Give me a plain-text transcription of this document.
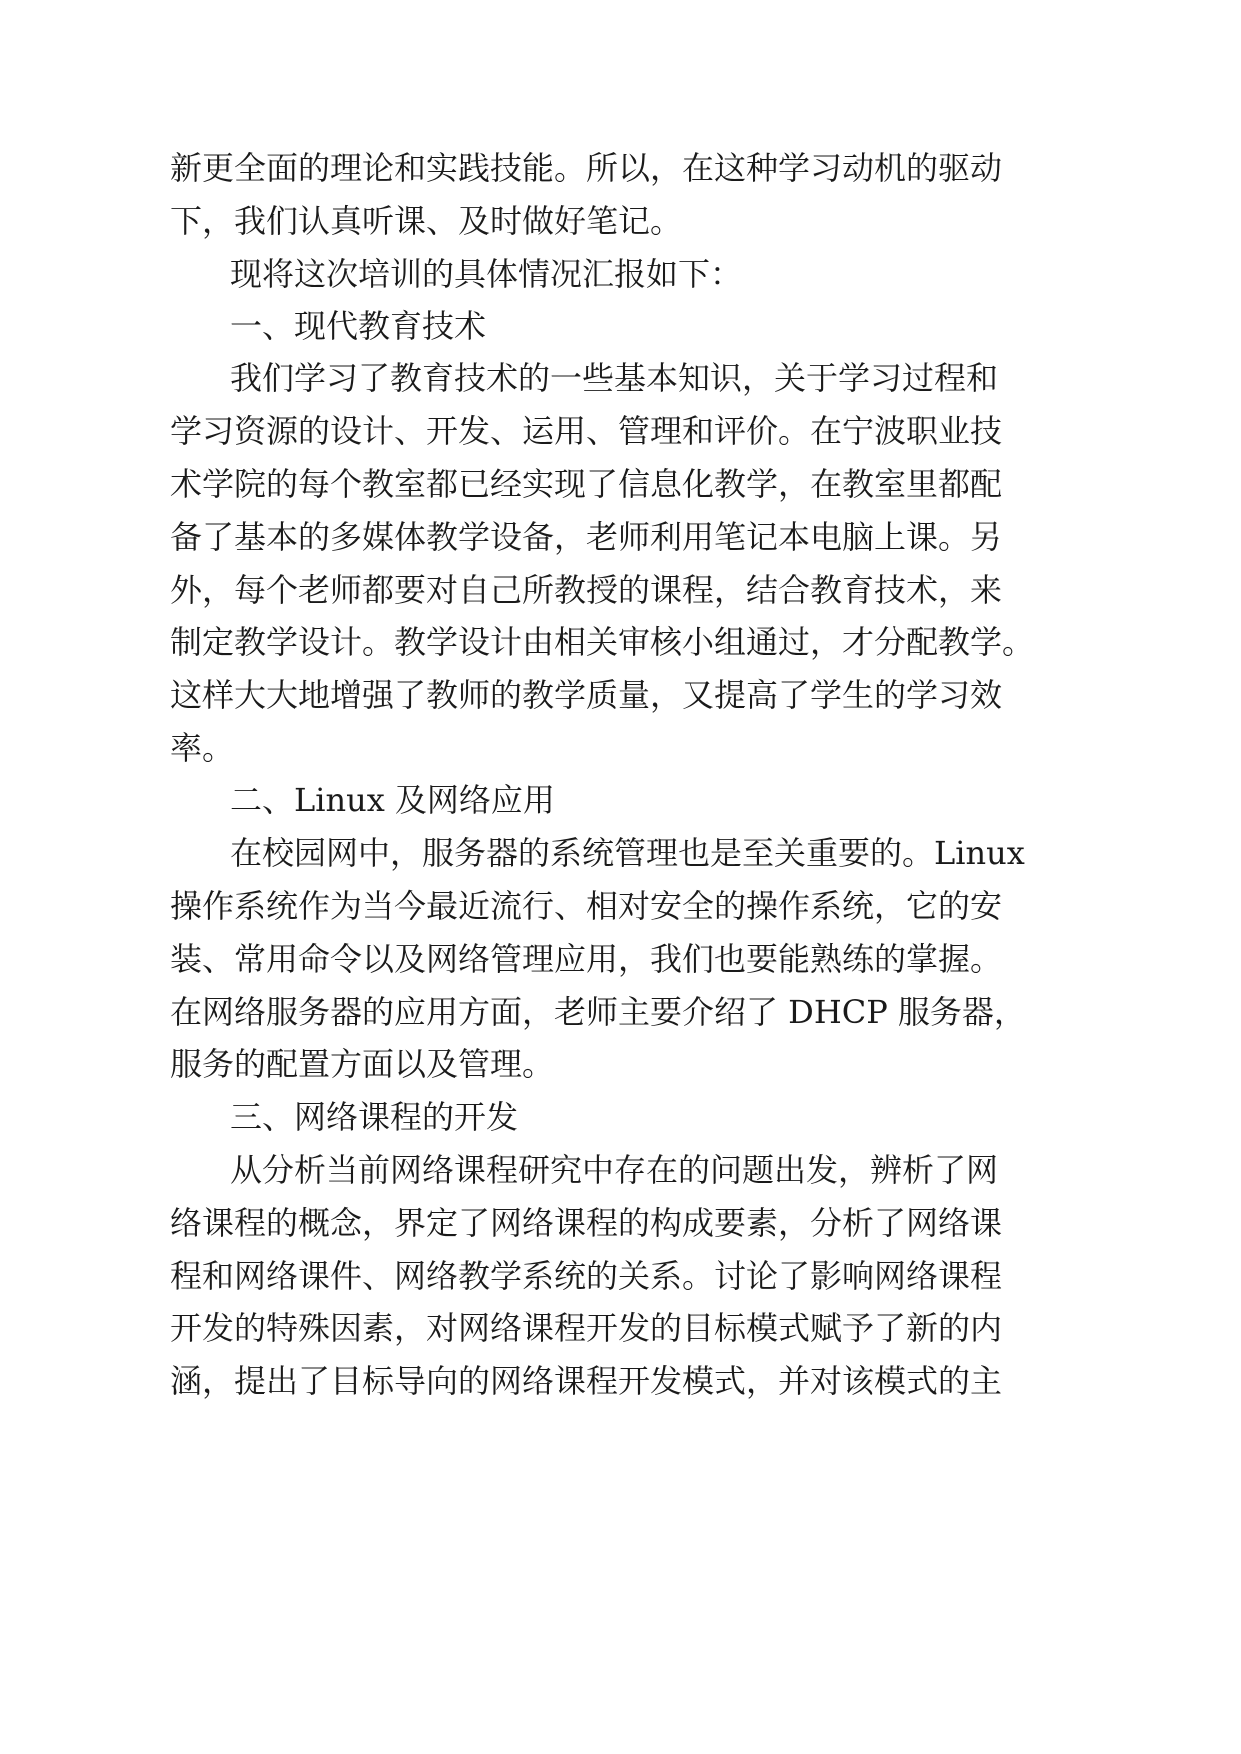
新更全面的理论和实践技能。所以，在这种学习动机的驱动
下，我们认真听课、及时做好笔记。
现将这次培训的具体情况汇报如下：
一、现代教育技术
我们学习了教育技术的一些基本知识，关于学习过程和
学习资源的设计、开发、运用、管理和评价。在宁波职业技
术学院的每个教室都已经实现了信息化教学，在教室里都配
备了基本的多媒体教学设备，老师利用笔记本电脑上课。另
外，每个老师都要对自己所教授的课程，结合教育技术，来
制定教学设计。教学设计由相关审核小组通过，才分配教学。
这样大大地增强了教师的教学质量，又提高了学生的学习效
率。
二、Linux 及网络应用
在校园网中，服务器的系统管理也是至关重要的。Linux
操作系统作为当今最近流行、相对安全的操作系统，它的安
装、常用命令以及网络管理应用，我们也要能熟练的掌握。
在网络服务器的应用方面，老师主要介绍了 DHCP 服务器，
服务的配置方面以及管理。
三、网络课程的开发
从分析当前网络课程研究中存在的问题出发，辨析了网
络课程的概念，界定了网络课程的构成要素，分析了网络课
程和网络课件、网络教学系统的关系。讨论了影响网络课程
开发的特殊因素，对网络课程开发的目标模式赋予了新的内
涵，提出了目标导向的网络课程开发模式，并对该模式的主
